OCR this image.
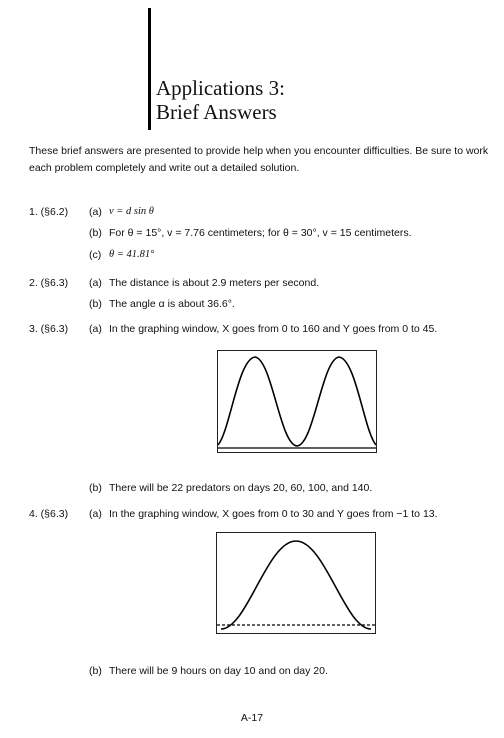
Applications 3:
Brief Answers
These brief answers are presented to provide help when you encounter difficulties. Be sure to work each problem completely and write out a detailed solution.
1. (§6.2) (a) v = d sin θ
(b) For θ = 15°, v = 7.76 centimeters; for θ = 30°, v = 15 centimeters.
(c) θ = 41.81°
2. (§6.3) (a) The distance is about 2.9 meters per second.
(b) The angle α is about 36.6°.
3. (§6.3) (a) In the graphing window, X goes from 0 to 160 and Y goes from 0 to 45.
(b) There will be 22 predators on days 20, 60, 100, and 140.
4. (§6.3) (a) In the graphing window, X goes from 0 to 30 and Y goes from −1 to 13.
(b) There will be 9 hours on day 10 and on day 20.
A-17
